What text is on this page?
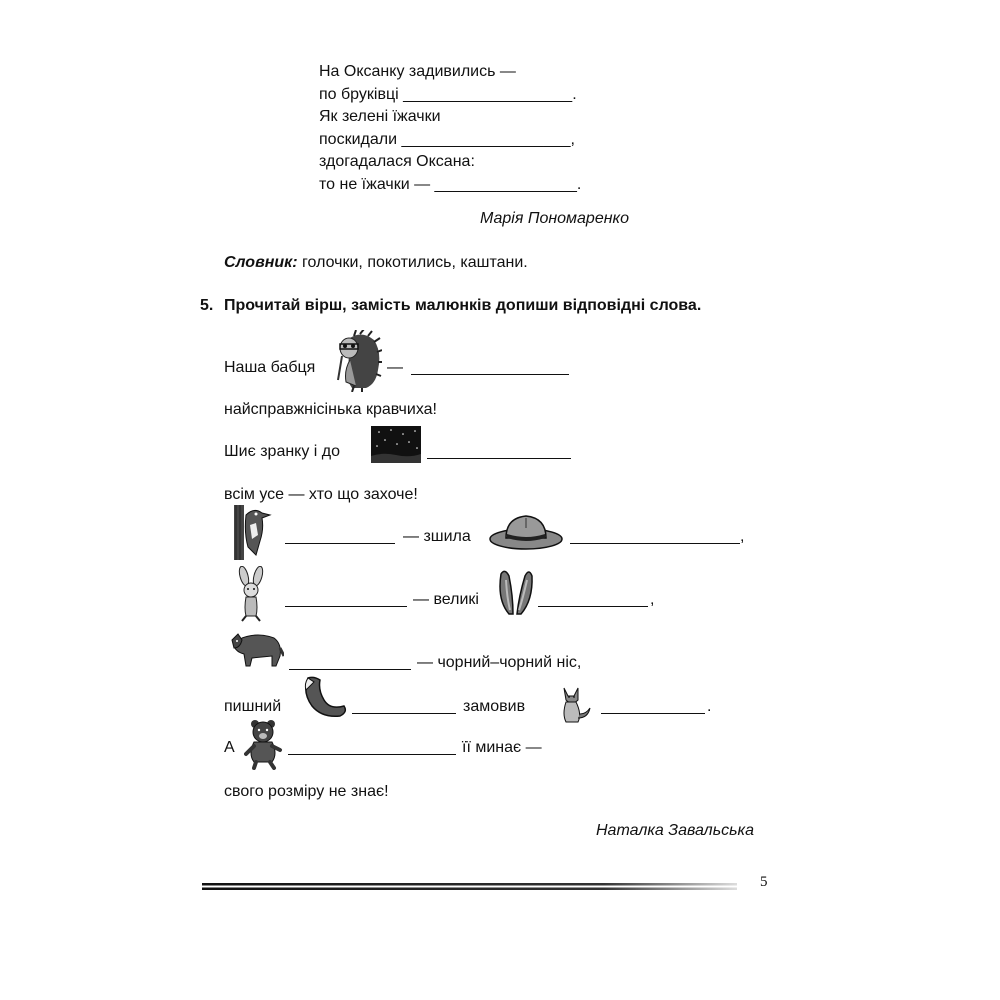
На Оксанку задивились —
по бруківці ___________________.
Як зелені їжачки
поскидали ___________________,
здогадалася Оксана:
то не їжачки — ________________.
Марія Пономаренко
Словник: голочки, покотились, каштани.
5. Прочитай вірш, замість малюнків допиши відповідні слова.
Наша бабця	—
найсправжнісінька кравчиха!
Шиє зранку і до
всім усе — хто що захоче!
— зшила	,
— великі	,
— чорний–чорний ніс,
пишний	замовив	.
А	її минає —
свого розміру не знає!
Наталка Завальська
5
